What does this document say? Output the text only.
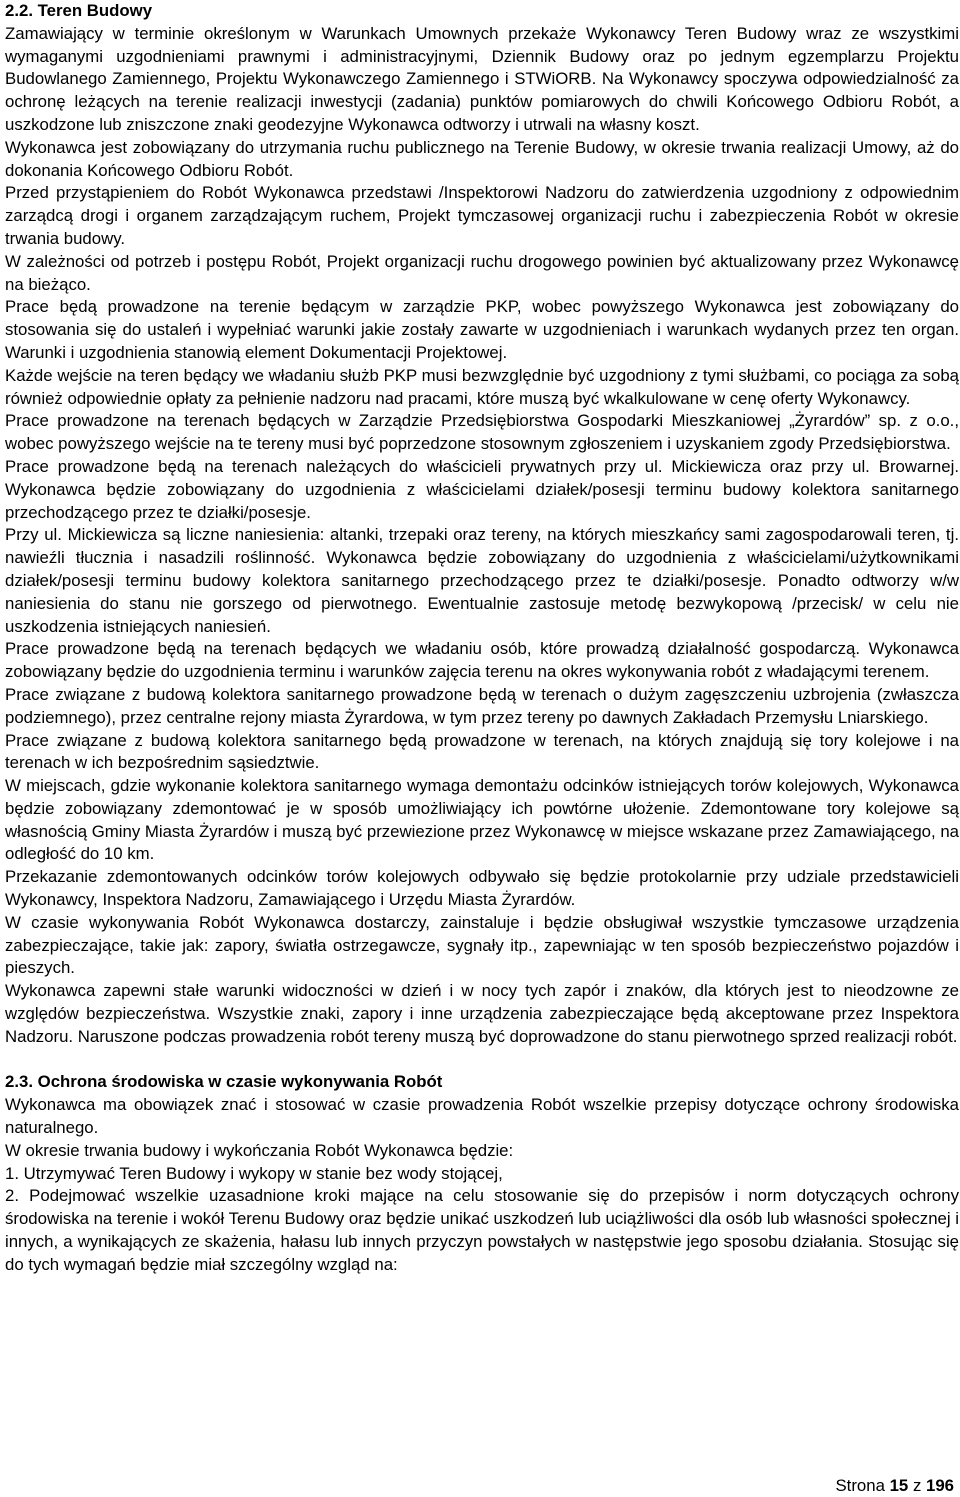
2.2. Teren Budowy

Zamawiający w terminie określonym w Warunkach Umownych przekaże Wykonawcy Teren Budowy wraz ze wszystkimi wymaganymi uzgodnieniami prawnymi i administracyjnymi, Dziennik Budowy oraz po jednym egzemplarzu Projektu Budowlanego Zamiennego, Projektu Wykonawczego Zamiennego i STWiORB. Na Wykonawcy spoczywa odpowiedzialność za ochronę leżących na terenie realizacji inwestycji (zadania) punktów pomiarowych do chwili Końcowego Odbioru Robót, a uszkodzone lub zniszczone znaki geodezyjne Wykonawca odtworzy i utrwali na własny koszt.

Wykonawca jest zobowiązany do utrzymania ruchu publicznego na Terenie Budowy, w okresie trwania realizacji Umowy, aż do dokonania Końcowego Odbioru Robót.

Przed przystąpieniem do Robót Wykonawca przedstawi /Inspektorowi Nadzoru do zatwierdzenia uzgodniony z odpowiednim zarządcą drogi i organem zarządzającym ruchem, Projekt tymczasowej organizacji ruchu i zabezpieczenia Robót w okresie trwania budowy.

W zależności od potrzeb i postępu Robót, Projekt organizacji ruchu drogowego powinien być aktualizowany przez Wykonawcę na bieżąco.

Prace będą prowadzone na terenie będącym w zarządzie PKP, wobec powyższego Wykonawca jest zobowiązany do stosowania się do ustaleń i wypełniać warunki jakie zostały zawarte w uzgodnieniach i warunkach wydanych przez ten organ. Warunki i uzgodnienia stanowią element Dokumentacji Projektowej.

Każde wejście na teren będący we władaniu służb PKP musi bezwzględnie być uzgodniony z tymi służbami, co pociąga za sobą również odpowiednie opłaty za pełnienie nadzoru nad pracami, które muszą być wkalkulowane w cenę oferty Wykonawcy.

Prace prowadzone na terenach będących w Zarządzie Przedsiębiorstwa Gospodarki Mieszkaniowej „Żyrardów” sp. z o.o., wobec powyższego wejście na te tereny musi być poprzedzone stosownym zgłoszeniem i uzyskaniem zgody Przedsiębiorstwa.

Prace prowadzone będą na terenach należących do właścicieli prywatnych przy ul. Mickiewicza oraz przy ul. Browarnej. Wykonawca będzie zobowiązany do uzgodnienia z właścicielami działek/posesji terminu budowy kolektora sanitarnego przechodzącego przez te działki/posesje.

Przy ul. Mickiewicza są liczne naniesienia: altanki, trzepaki oraz tereny, na których mieszkańcy sami zagospodarowali teren, tj. nawieźli tłucznia i nasadzili roślinność. Wykonawca będzie zobowiązany do uzgodnienia z właścicielami/użytkownikami działek/posesji terminu budowy kolektora sanitarnego przechodzącego przez te działki/posesje. Ponadto odtworzy w/w naniesienia do stanu nie gorszego od pierwotnego. Ewentualnie zastosuje metodę bezwykopową /przecisk/ w celu nie uszkodzenia istniejących naniesień.

Prace prowadzone będą na terenach będących we władaniu osób, które prowadzą działalność gospodarczą. Wykonawca zobowiązany będzie do uzgodnienia terminu i warunków zajęcia terenu na okres wykonywania robót z władającymi terenem.

Prace związane z budową kolektora sanitarnego prowadzone będą w terenach o dużym zagęszczeniu uzbrojenia (zwłaszcza podziemnego), przez centralne rejony miasta Żyrardowa, w tym przez tereny po dawnych Zakładach Przemysłu Lniarskiego.

Prace związane z budową kolektora sanitarnego będą prowadzone w terenach, na których znajdują się tory kolejowe i na terenach w ich bezpośrednim sąsiedztwie.

W miejscach, gdzie wykonanie kolektora sanitarnego wymaga demontażu odcinków istniejących torów kolejowych, Wykonawca będzie zobowiązany zdemontować je w sposób umożliwiający ich powtórne ułożenie. Zdemontowane tory kolejowe są własnością Gminy Miasta Żyrardów i muszą być przewiezione przez Wykonawcę w miejsce wskazane przez Zamawiającego, na odległość do 10 km.

Przekazanie zdemontowanych odcinków torów kolejowych odbywało się będzie protokolarnie przy udziale przedstawicieli Wykonawcy, Inspektora Nadzoru, Zamawiającego i Urzędu Miasta Żyrardów.

W czasie wykonywania Robót Wykonawca dostarczy, zainstaluje i będzie obsługiwał wszystkie tymczasowe urządzenia zabezpieczające, takie jak: zapory, światła ostrzegawcze, sygnały itp., zapewniając w ten sposób bezpieczeństwo pojazdów i pieszych.

Wykonawca zapewni stałe warunki widoczności w dzień i w nocy tych zapór i znaków, dla których jest to nieodzowne ze względów bezpieczeństwa. Wszystkie znaki, zapory i inne urządzenia zabezpieczające będą akceptowane przez Inspektora Nadzoru. Naruszone podczas prowadzenia robót tereny muszą być doprowadzone do stanu pierwotnego sprzed realizacji robót.

2.3. Ochrona środowiska w czasie wykonywania Robót

Wykonawca ma obowiązek znać i stosować w czasie prowadzenia Robót wszelkie przepisy dotyczące ochrony środowiska naturalnego.

W okresie trwania budowy i wykończania Robót Wykonawca będzie:

1. Utrzymywać Teren Budowy i wykopy w stanie bez wody stojącej,

2. Podejmować wszelkie uzasadnione kroki mające na celu stosowanie się do przepisów i norm dotyczących ochrony środowiska na terenie i wokół Terenu Budowy oraz będzie unikać uszkodzeń lub uciążliwości dla osób lub własności społecznej i innych, a wynikających ze skażenia, hałasu lub innych przyczyn powstałych w następstwie jego sposobu działania. Stosując się do tych wymagań będzie miał szczególny wzgląd na:

Strona 15 z 196
